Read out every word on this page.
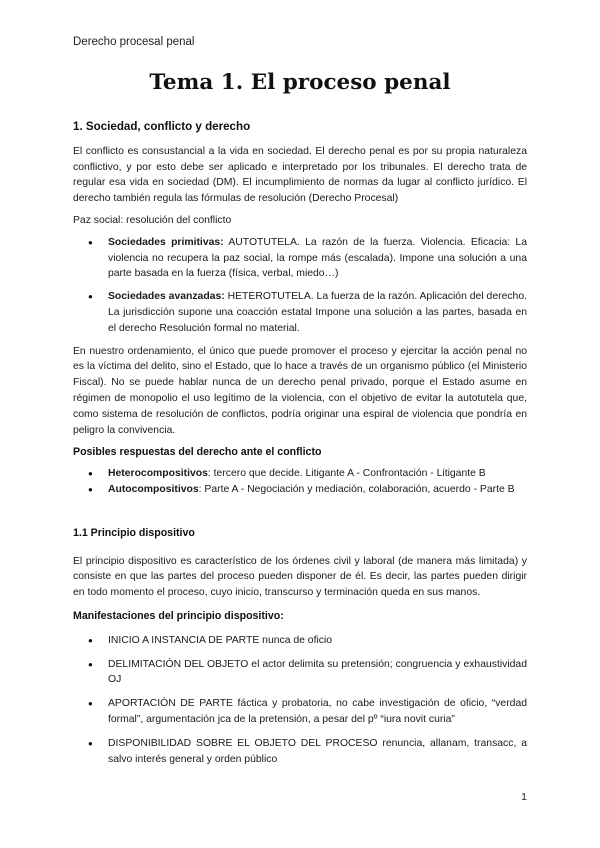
Derecho procesal penal
Tema 1. El proceso penal

1. Sociedad, conflicto y derecho

El conflicto es consustancial a la vida en sociedad. El derecho penal es por su propia naturaleza conflictivo, y por esto debe ser aplicado e interpretado por los tribunales. El derecho trata de regular esa vida en sociedad (DM). El incumplimiento de normas da lugar al conflicto jurídico. El derecho también regula las fórmulas de resolución (Derecho Procesal)

Paz social: resolución del conflicto

● Sociedades primitivas: AUTOTUTELA. La razón de la fuerza. Violencia. Eficacia: La violencia no recupera la paz social, la rompe más (escalada). Impone una solución a una parte basada en la fuerza (física, verbal, miedo…)
● Sociedades avanzadas: HETEROTUTELA. La fuerza de la razón. Aplicación del derecho. La jurisdicción supone una coacción estatal Impone una solución a las partes, basada en el derecho Resolución formal no material.

En nuestro ordenamiento, el único que puede promover el proceso y ejercitar la acción penal no es la víctima del delito, sino el Estado, que lo hace a través de un organismo público (el Ministerio Fiscal). No se puede hablar nunca de un derecho penal privado, porque el Estado asume en régimen de monopolio el uso legítimo de la violencia, con el objetivo de evitar la autotutela que, como sistema de resolución de conflictos, podría originar una espiral de violencia que pondría en peligro la convivencia.

Posibles respuestas del derecho ante el conflicto

● Heterocompositivos: tercero que decide. Litigante A - Confrontación - Litigante B
● Autocompositivos: Parte A - Negociación y mediación, colaboración, acuerdo - Parte B

1.1 Principio dispositivo

El principio dispositivo es característico de los órdenes civil y laboral (de manera más limitada) y consiste en que las partes del proceso pueden disponer de él. Es decir, las partes pueden dirigir en todo momento el proceso, cuyo inicio, transcurso y terminación queda en sus manos.

Manifestaciones del principio dispositivo:

● INICIO A INSTANCIA DE PARTE nunca de oficio
● DELIMITACIÓN DEL OBJETO el actor delimita su pretensión; congruencia y exhaustividad OJ
● APORTACIÓN DE PARTE fáctica y probatoria, no cabe investigación de oficio, “verdad formal”, argumentación jca de la pretensión, a pesar del pº “iura novit curia”
● DISPONIBILIDAD SOBRE EL OBJETO DEL PROCESO renuncia, allanam, transacc, a salvo interés general y orden público
1
